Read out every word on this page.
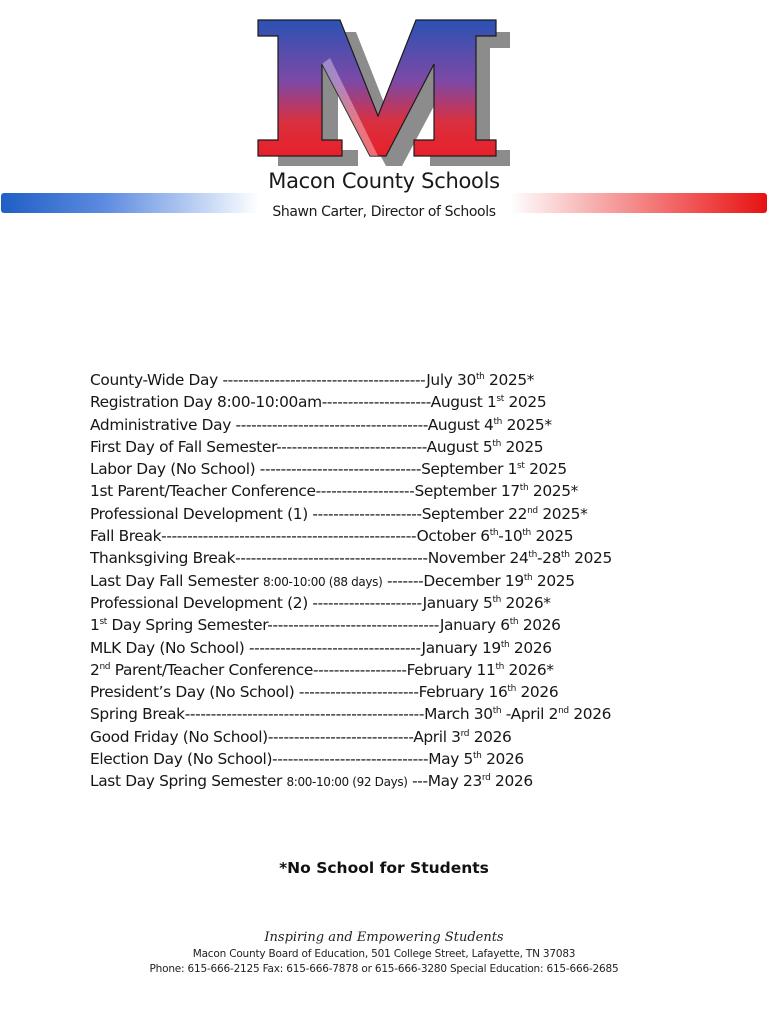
Macon County Schools
Shawn Carter, Director of Schools
County-Wide Day ---------------------------------------July 30th 2025*
Registration Day 8:00-10:00am---------------------August 1st 2025
Administrative Day -------------------------------------August 4th 2025*
First Day of Fall Semester-----------------------------August 5th 2025
Labor Day (No School) -------------------------------September 1st 2025
1st Parent/Teacher Conference-------------------September 17th 2025*
Professional Development (1) ---------------------September 22nd 2025*
Fall Break-------------------------------------------------October 6th-10th 2025
Thanksgiving Break-------------------------------------November 24th-28th 2025
Last Day Fall Semester 8:00-10:00 (88 days) -------December 19th 2025
Professional Development (2) ---------------------January 5th 2026*
1st Day Spring Semester---------------------------------January 6th 2026
MLK Day (No School) ---------------------------------January 19th 2026
2nd Parent/Teacher Conference------------------February 11th 2026*
President’s Day (No School) -----------------------February 16th 2026
Spring Break----------------------------------------------March 30th -April 2nd 2026
Good Friday (No School)----------------------------April 3rd 2026
Election Day (No School)------------------------------May 5th 2026
Last Day Spring Semester 8:00-10:00 (92 Days) ---May 23rd 2026
*No School for Students
Inspiring and Empowering Students
Macon County Board of Education, 501 College Street, Lafayette, TN 37083
Phone: 615-666-2125 Fax: 615-666-7878 or 615-666-3280 Special Education: 615-666-2685
